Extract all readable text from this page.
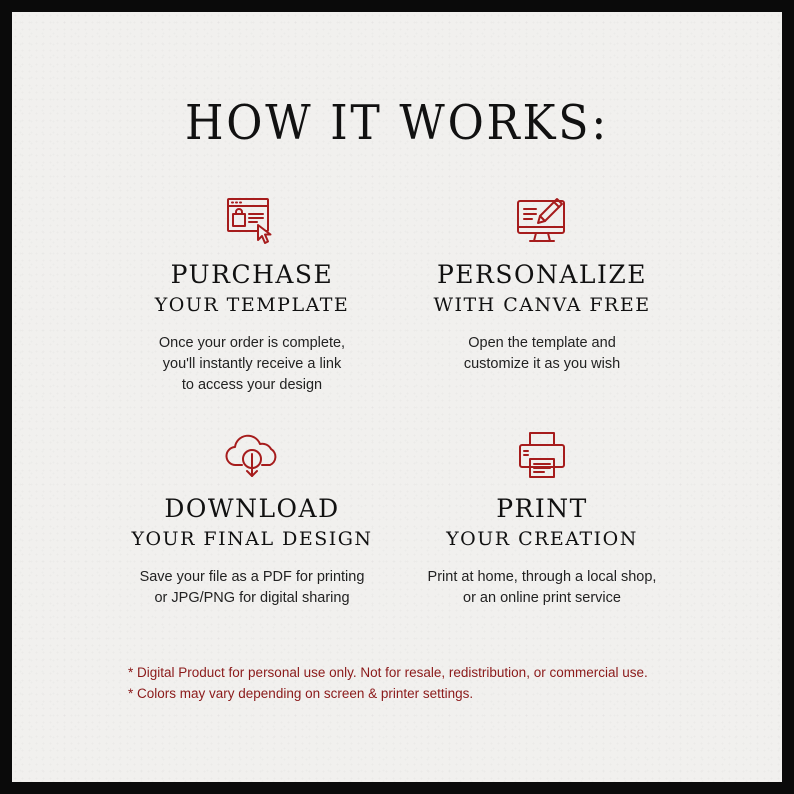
HOW IT WORKS:
PURCHASE
YOUR TEMPLATE
Once your order is complete,
you'll instantly receive a link
to access your design
PERSONALIZE
WITH CANVA FREE
Open the template and
customize it as you wish
DOWNLOAD
YOUR FINAL DESIGN
Save your file as a PDF for printing
or JPG/PNG for digital sharing
PRINT
YOUR CREATION
Print at home, through a local shop,
or an online print service
* Digital Product for personal use only. Not for resale, redistribution, or commercial use.
* Colors may vary depending on screen & printer settings.
